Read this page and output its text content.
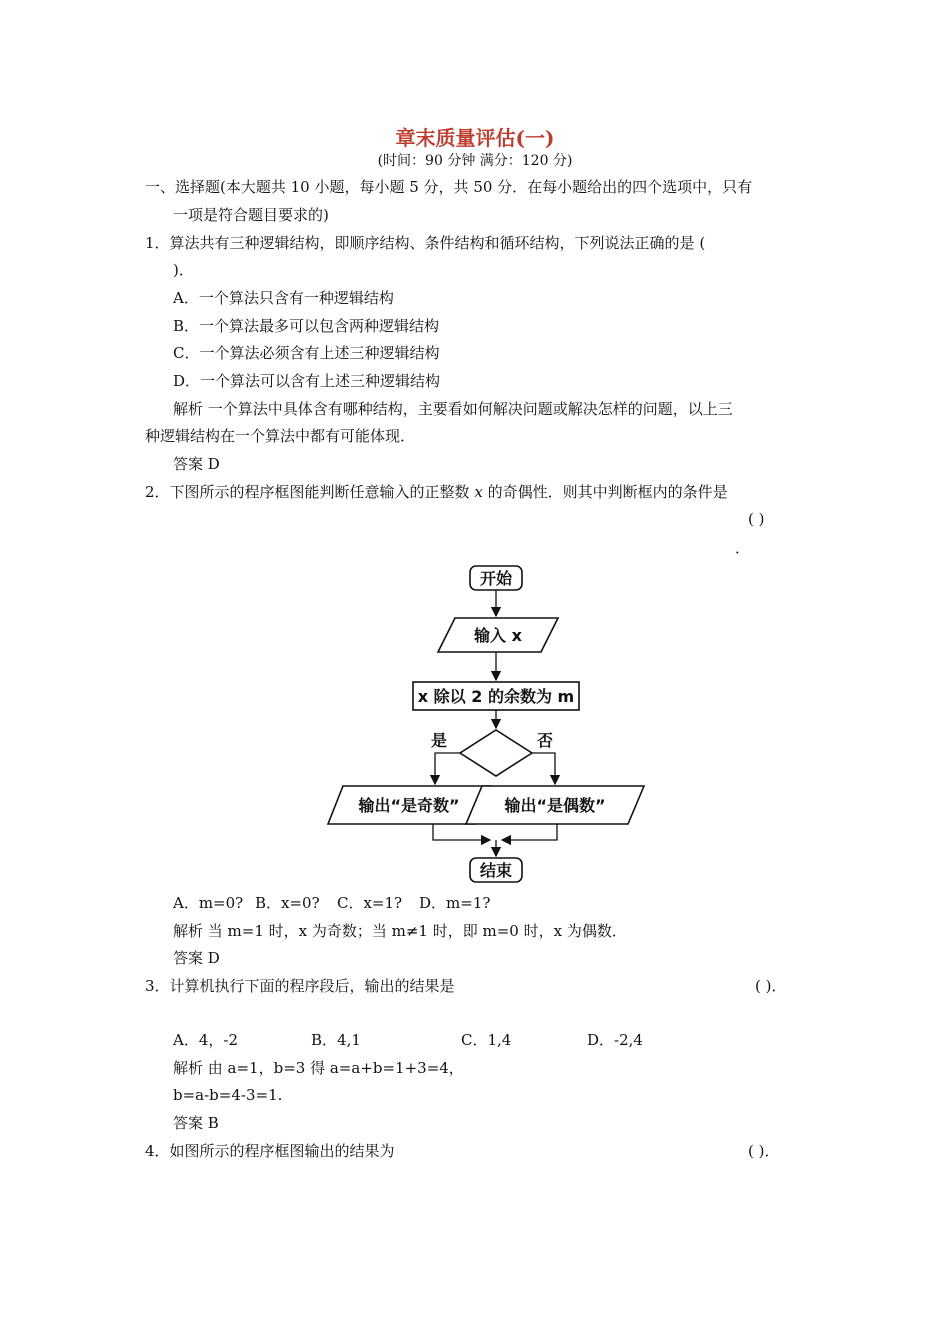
章末质量评估(一)
(时间：90 分钟 满分：120 分)
一、选择题(本大题共 10 小题，每小题 5 分，共 50 分．在每小题给出的四个选项中，只有
一项是符合题目要求的)
1．算法共有三种逻辑结构，即顺序结构、条件结构和循环结构，下列说法正确的是 (
)．
A．一个算法只含有一种逻辑结构
B．一个算法最多可以包含两种逻辑结构
C．一个算法必须含有上述三种逻辑结构
D．一个算法可以含有上述三种逻辑结构
解析 一个算法中具体含有哪种结构，主要看如何解决问题或解决怎样的问题，以上三
种逻辑结构在一个算法中都有可能体现．
答案 D
2．下图所示的程序框图能判断任意输入的正整数 x 的奇偶性．则其中判断框内的条件是
( )
．
开始
输入 x
x 除以 2 的余数为 m
是	否
输出“是奇数”	输出“是偶数”
结束
A．m=0? B．x=0? C．x=1? D．m=1?
解析 当 m=1 时，x 为奇数；当 m≠1 时，即 m=0 时，x 为偶数．
答案 D
3．计算机执行下面的程序段后，输出的结果是	( )．
A．4，-2	B．4,1	C．1,4	D．-2,4
解析 由 a=1，b=3 得 a=a+b=1+3=4，
b=a-b=4-3=1.
答案 B
4．如图所示的程序框图输出的结果为	( )．
